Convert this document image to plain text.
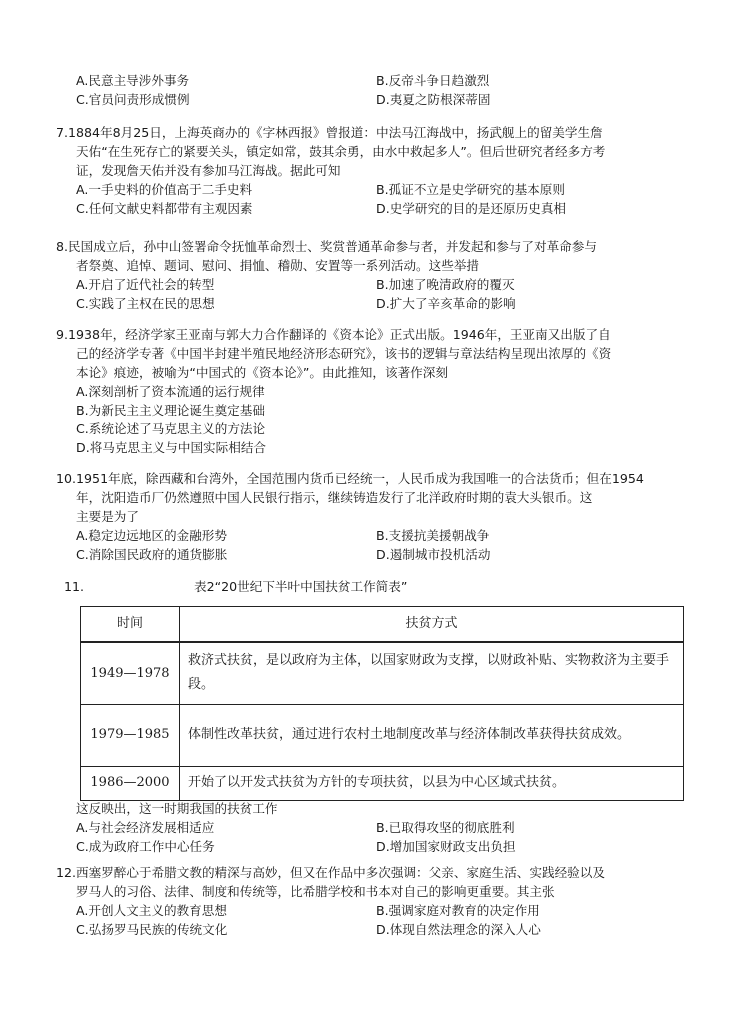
A.民意主导涉外事务	B.反帝斗争日趋激烈
C.官员问责形成惯例	D.夷夏之防根深蒂固
7.1884年8月25日，上海英商办的《字林西报》曾报道：中法马江海战中，扬武舰上的留美学生詹
天佑“在生死存亡的紧要关头，镇定如常，鼓其余勇，由水中救起多人”。但后世研究者经多方考
证，发现詹天佑并没有参加马江海战。据此可知
A.一手史料的价值高于二手史料	B.孤证不立是史学研究的基本原则
C.任何文献史料都带有主观因素	D.史学研究的目的是还原历史真相
8.民国成立后，孙中山签署命令抚恤革命烈士、奖赏普通革命参与者，并发起和参与了对革命参与
者祭奠、追悼、题词、慰问、捐恤、稽勋、安置等一系列活动。这些举措
A.开启了近代社会的转型	B.加速了晚清政府的覆灭
C.实践了主权在民的思想	D.扩大了辛亥革命的影响
9.1938年，经济学家王亚南与郭大力合作翻译的《资本论》正式出版。1946年，王亚南又出版了自
己的经济学专著《中国半封建半殖民地经济形态研究》，该书的逻辑与章法结构呈现出浓厚的《资
本论》痕迹，被喻为“中国式的《资本论》”。由此推知，该著作深刻
A.深刻剖析了资本流通的运行规律
B.为新民主主义理论诞生奠定基础
C.系统论述了马克思主义的方法论
D.将马克思主义与中国实际相结合
10.1951年底，除西藏和台湾外，全国范围内货币已经统一，人民币成为我国唯一的合法货币；但在1954
年，沈阳造币厂仍然遵照中国人民银行指示，继续铸造发行了北洋政府时期的袁大头银币。这
主要是为了
A.稳定边远地区的金融形势	B.支援抗美援朝战争
C.消除国民政府的通货膨胀	D.遏制城市投机活动
11.	表2“20世纪下半叶中国扶贫工作简表”
时间	扶贫方式
1949—1978	救济式扶贫，是以政府为主体，以国家财政为支撑，以财政补贴、实物救济为主要手段。
1979—1985	体制性改革扶贫，通过进行农村土地制度改革与经济体制改革获得扶贫成效。
1986—2000	开始了以开发式扶贫为方针的专项扶贫，以县为中心区域式扶贫。
这反映出，这一时期我国的扶贫工作
A.与社会经济发展相适应	B.已取得攻坚的彻底胜利
C.成为政府工作中心任务	D.增加国家财政支出负担
12.西塞罗醉心于希腊文教的精深与高妙，但又在作品中多次强调：父亲、家庭生活、实践经验以及
罗马人的习俗、法律、制度和传统等，比希腊学校和书本对自己的影响更重要。其主张
A.开创人文主义的教育思想	B.强调家庭对教育的决定作用
C.弘扬罗马民族的传统文化	D.体现自然法理念的深入人心
